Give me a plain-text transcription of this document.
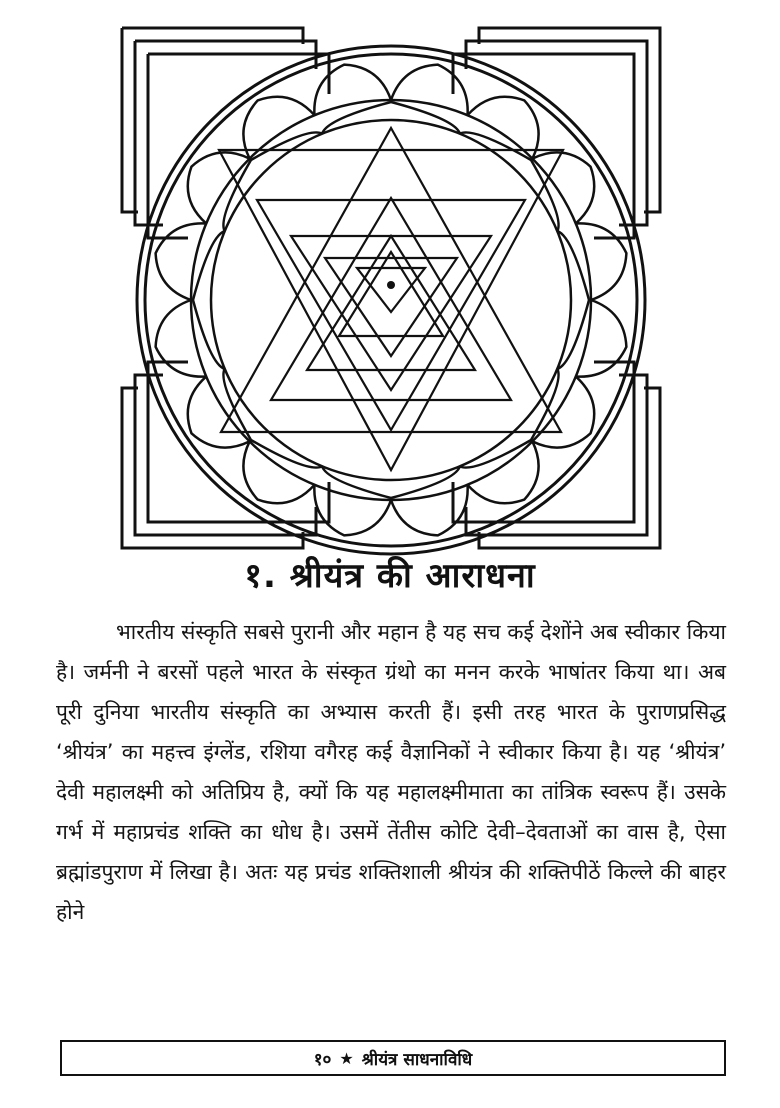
१. श्रीयंत्र की आराधना

भारतीय संस्कृति सबसे पुरानी और महान है यह सच कई देशोंने अब स्वीकार किया है। जर्मनी ने बरसों पहले भारत के संस्कृत ग्रंथो का मनन करके भाषांतर किया था। अब पूरी दुनिया भारतीय संस्कृति का अभ्यास करती हैं। इसी तरह भारत के पुराणप्रसिद्ध ‘श्रीयंत्र’ का महत्त्व इंग्लेंड, रशिया वगैरह कई वैज्ञानिकों ने स्वीकार किया है। यह ‘श्रीयंत्र’ देवी महालक्ष्मी को अतिप्रिय है, क्यों कि यह महालक्ष्मीमाता का तांत्रिक स्वरूप हैं। उसके गर्भ में महाप्रचंड शक्ति का धोध है। उसमें तेंतीस कोटि देवी–देवताओं का वास है, ऐसा ब्रह्मांडपुराण में लिखा है। अतः यह प्रचंड शक्तिशाली श्रीयंत्र की शक्तिपीठें किल्ले की बाहर होने

१० ★ श्रीयंत्र साधनाविधि
